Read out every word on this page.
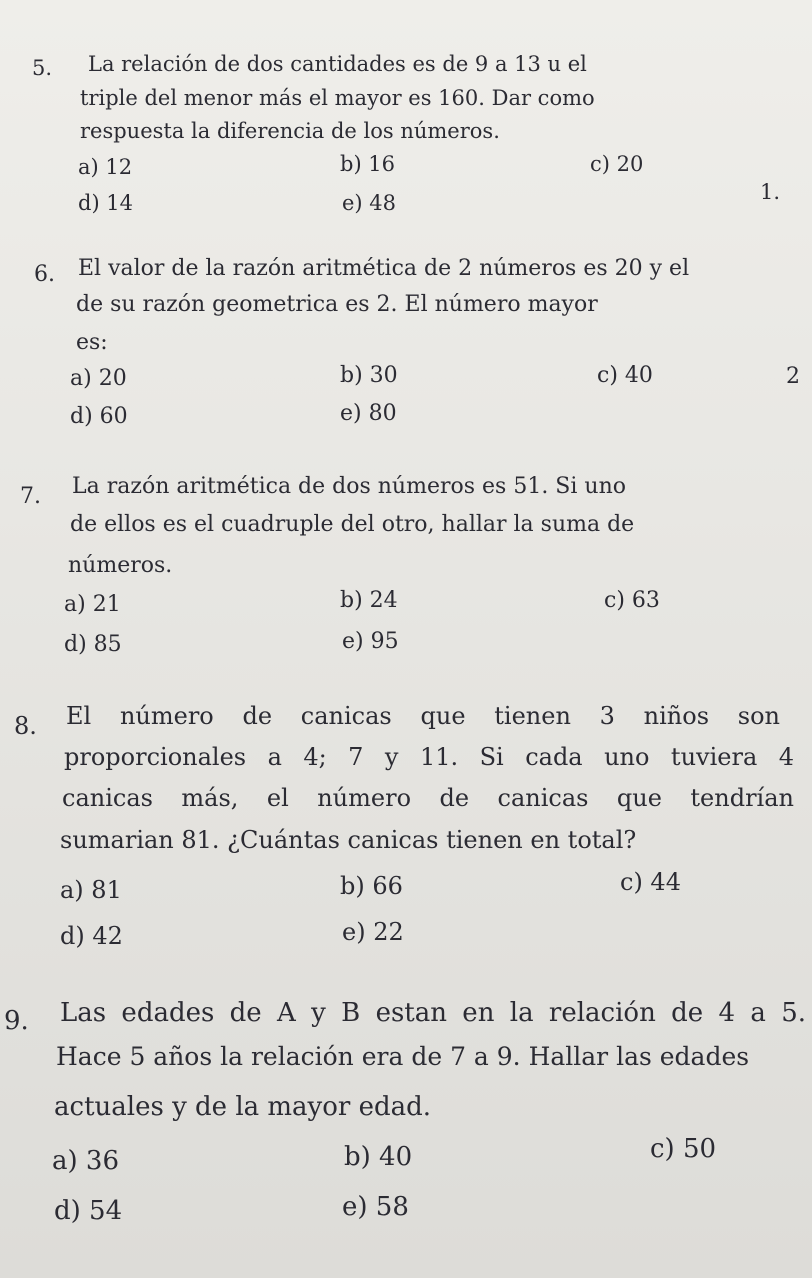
5. La relación de dos cantidades es de 9 a 13 u el
triple del menor más el mayor es 160. Dar como
respuesta la diferencia de los números.
a) 12	b) 16	c) 20
d) 14	e) 48	1.
6. El valor de la razón aritmética de 2 números es 20 y el
de su razón geometrica es 2. El número mayor
es:
a) 20	b) 30	c) 40
d) 60	e) 80
2
7. La razón aritmética de dos números es 51. Si uno
de ellos es el cuadruple del otro, hallar la suma de
números.
a) 21	b) 24	c) 63
d) 85	e) 95
8. El número de canicas que tienen 3 niños son
proporcionales a 4; 7 y 11. Si cada uno tuviera 4
canicas más, el número de canicas que tendrían
sumarian 81. ¿Cuántas canicas tienen en total?
a) 81	b) 66	c) 44
d) 42	e) 22
9. Las edades de A y B estan en la relación de 4 a 5.
Hace 5 años la relación era de 7 a 9. Hallar las edades
actuales y de la mayor edad.
a) 36	b) 40	c) 50
d) 54	e) 58
